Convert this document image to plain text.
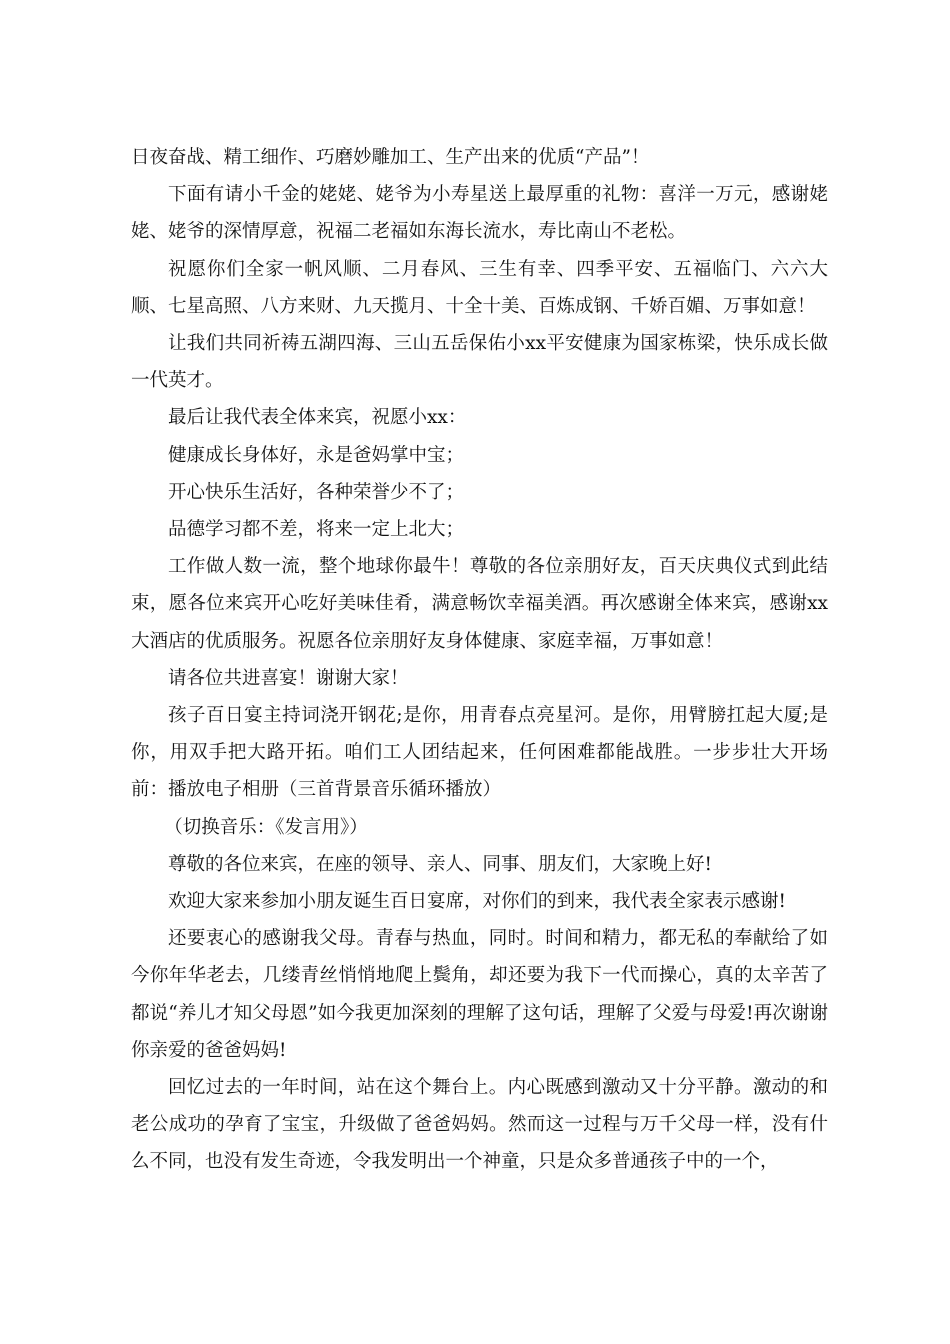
日夜奋战、精工细作、巧磨妙雕加工、生产出来的优质“产品”！

下面有请小千金的姥姥、姥爷为小寿星送上最厚重的礼物：喜洋一万元，感谢姥姥、姥爷的深情厚意，祝福二老福如东海长流水，寿比南山不老松。

祝愿你们全家一帆风顺、二月春风、三生有幸、四季平安、五福临门、六六大顺、七星高照、八方来财、九天揽月、十全十美、百炼成钢、千娇百媚、万事如意！

让我们共同祈祷五湖四海、三山五岳保佑小xx平安健康为国家栋梁，快乐成长做一代英才。

最后让我代表全体来宾，祝愿小xx：

健康成长身体好，永是爸妈掌中宝；

开心快乐生活好，各种荣誉少不了；

品德学习都不差，将来一定上北大；

工作做人数一流，整个地球你最牛！尊敬的各位亲朋好友，百天庆典仪式到此结束，愿各位来宾开心吃好美味佳肴，满意畅饮幸福美酒。再次感谢全体来宾，感谢xx大酒店的优质服务。祝愿各位亲朋好友身体健康、家庭幸福，万事如意！

请各位共进喜宴！谢谢大家！

孩子百日宴主持词浇开钢花;是你，用青春点亮星河。是你，用臂膀扛起大厦;是你，用双手把大路开拓。咱们工人团结起来，任何困难都能战胜。一步步壮大开场前：播放电子相册（三首背景音乐循环播放）

（切换音乐：《发言用》）

尊敬的各位来宾，在座的领导、亲人、同事、朋友们，大家晚上好!

欢迎大家来参加小朋友诞生百日宴席，对你们的到来，我代表全家表示感谢!

还要衷心的感谢我父母。青春与热血，同时。时间和精力，都无私的奉献给了如今你年华老去，几缕青丝悄悄地爬上鬓角，却还要为我下一代而操心，真的太辛苦了都说“养儿才知父母恩”如今我更加深刻的理解了这句话，理解了父爱与母爱!再次谢谢你亲爱的爸爸妈妈!

回忆过去的一年时间，站在这个舞台上。内心既感到激动又十分平静。激动的和老公成功的孕育了宝宝，升级做了爸爸妈妈。然而这一过程与万千父母一样，没有什么不同，也没有发生奇迹，令我发明出一个神童，只是众多普通孩子中的一个，
